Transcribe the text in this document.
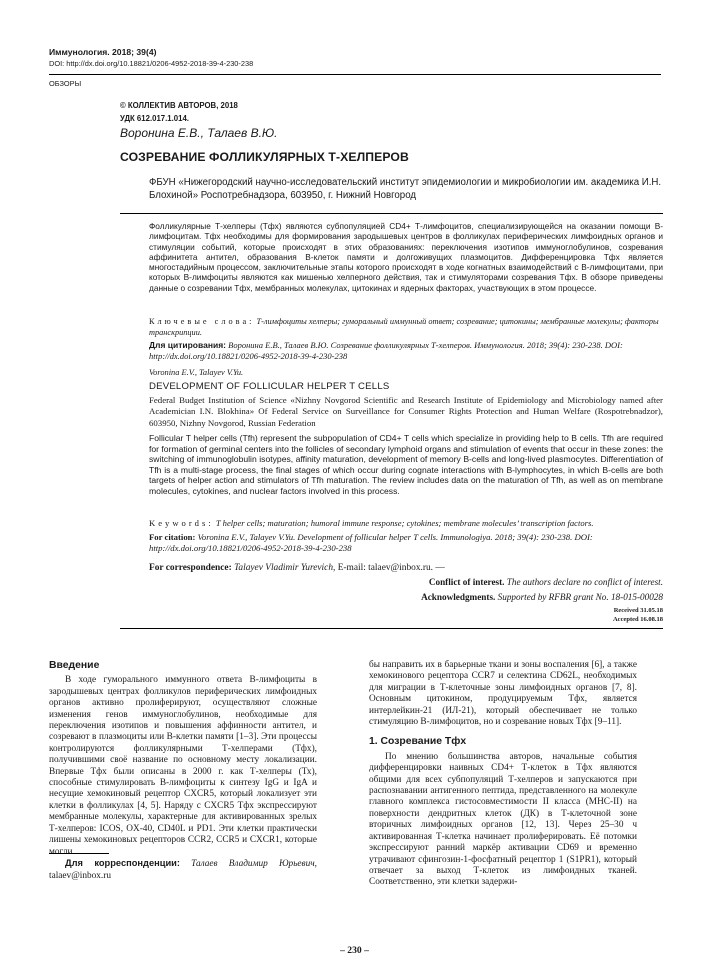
Иммунология. 2018; 39(4)
DOI: http://dx.doi.org/10.18821/0206-4952-2018-39-4-230-238
ОБЗОРЫ
© КОЛЛЕКТИВ АВТОРОВ, 2018
УДК 612.017.1.014.
Воронина Е.В., Талаев В.Ю.
СОЗРЕВАНИЕ ФОЛЛИКУЛЯРНЫХ Т-ХЕЛПЕРОВ
ФБУН «Нижегородский научно-исследовательский институт эпидемиологии и микробиологии им. академика И.Н. Блохиной» Роспотребнадзора, 603950, г. Нижний Новгород
Фолликулярные Т-хелперы (Тфх) являются субпопуляцией CD4+ Т-лимфоцитов, специализирующейся на оказании помощи В-лимфоцитам. Тфх необходимы для формирования зародышевых центров в фолликулах периферических лимфоидных органов и стимуляции событий, которые происходят в этих образованиях: переключения изотипов иммуноглобулинов, созревания аффинитета антител, образования В-клеток памяти и долгоживущих плазмоцитов. Дифференцировка Тфх является многостадийным процессом, заключительные этапы которого происходят в ходе когнатных взаимодействий с В-лимфоцитами, при которых В-лимфоциты являются как мишенью хелперного действия, так и стимуляторами созревания Тфх. В обзоре приведены данные о созревании Тфх, мембранных молекулах, цитокинах и ядерных факторах, участвующих в этом процессе.
Ключевые слова: Т-лимфоциты хелперы; гуморальный иммунный ответ; созревание; цитокины; мембранные молекулы; факторы транскрипции.
Для цитирования: Воронина Е.В., Талаев В.Ю. Созревание фолликулярных Т-хелперов. Иммунология. 2018; 39(4): 230-238. DOI: http://dx.doi.org/10.18821/0206-4952-2018-39-4-230-238
Voronina E.V., Talayev V.Yu.
DEVELOPMENT OF FOLLICULAR HELPER T CELLS
Federal Budget Institution of Science «Nizhny Novgorod Scientific and Research Institute of Epidemiology and Microbiology named after Academician I.N. Blokhina» Of Federal Service on Surveillance for Consumer Rights Protection and Human Welfare (Rospotrebnadzor), 603950, Nizhny Novgorod, Russian Federation
Follicular T helper cells (Tfh) represent the subpopulation of CD4+ T cells which specialize in providing help to B cells. Tfh are required for formation of germinal centers into the follicles of secondary lymphoid organs and stimulation of events that occur in these zones: the switching of immunoglobulin isotypes, affinity maturation, development of memory B-cells and long-lived plasmocytes. Differentiation of Tfh is a multi-stage process, the final stages of which occur during cognate interactions with B-lymphocytes, in which B-cells are both targets of helper action and stimulators of Tfh maturation. The review includes data on the maturation of Tfh, as well as on membrane molecules, cytokines, and nuclear factors involved in this process.
Keywords: T helper cells; maturation; humoral immune response; cytokines; membrane molecules’ transcription factors.
For citation: Voronina E.V., Talayev V.Yu. Development of follicular helper T cells. Immunologiya. 2018; 39(4): 230-238. DOI: http://dx.doi.org/10.18821/0206-4952-2018-39-4-230-238
For correspondence: Talayev Vladimir Yurevich, E-mail: talaev@inbox.ru. —
Conflict of interest. The authors declare no conflict of interest.
Acknowledgments. Supported by RFBR grant No. 18-015-00028
Received 31.05.18
Accepted 16.08.18
Введение

В ходе гуморального иммунного ответа В-лимфоциты в зародышевых центрах фолликулов периферических лимфоидных органов активно пролиферируют, осуществляют сложные изменения генов иммуноглобулинов, необходимые для переключения изотипов и повышения аффинности антител, и созревают в плазмоциты или В-клетки памяти [1–3]. Эти процессы контролируются фолликулярными Т-хелперами (Тфх), получившими своё название по основному месту локализации. Впервые Тфх были описаны в 2000 г. как Т-хелперы (Тх), способные стимулировать В-лимфоциты к синтезу IgG и IgA и несущие хемокиновый рецептор CXCR5, который локализует эти клетки в фолликулах [4, 5]. Наряду с CXCR5 Тфх экспрессируют мембранные молекулы, характерные для активированных зрелых Т-хелперов: ICOS, OX-40, CD40L и PD1. Эти клетки практически лишены хемокиновых рецепторов CCR2, CCR5 и CXCR1, которые могли

бы направить их в барьерные ткани и зоны воспаления [6], а также хемокинового рецептора CCR7 и селектина CD62L, необходимых для миграции в Т-клеточные зоны лимфоидных органов [7, 8]. Основным цитокином, продуцируемым Тфх, является интерлейкин-21 (ИЛ-21), который обеспечивает не только стимуляцию В-лимфоцитов, но и созревание новых Тфх [9–11].

1. Созревание Тфх

По мнению большинства авторов, начальные события дифференцировки наивных CD4+ Т-клеток в Тфх являются общими для всех субпопуляций Т-хелперов и запускаются при распознавании антигенного пептида, представленного на молекуле главного комплекса гистосовместимости II класса (MHC-II) на поверхности дендритных клеток (ДК) в Т-клеточной зоне вторичных лимфоидных органов [12, 13]. Через 25–30 ч активированная Т-клетка начинает пролиферировать. Её потомки экспрессируют ранний маркёр активации CD69 и временно утрачивают сфингозин-1-фосфатный рецептор 1 (S1PR1), который отвечает за выход Т-клеток из лимфоидных тканей. Соответственно, эти клетки задержи-

Для корреспонденции: Талаев Владимир Юрьевич, talaev@inbox.ru
– 230 –
